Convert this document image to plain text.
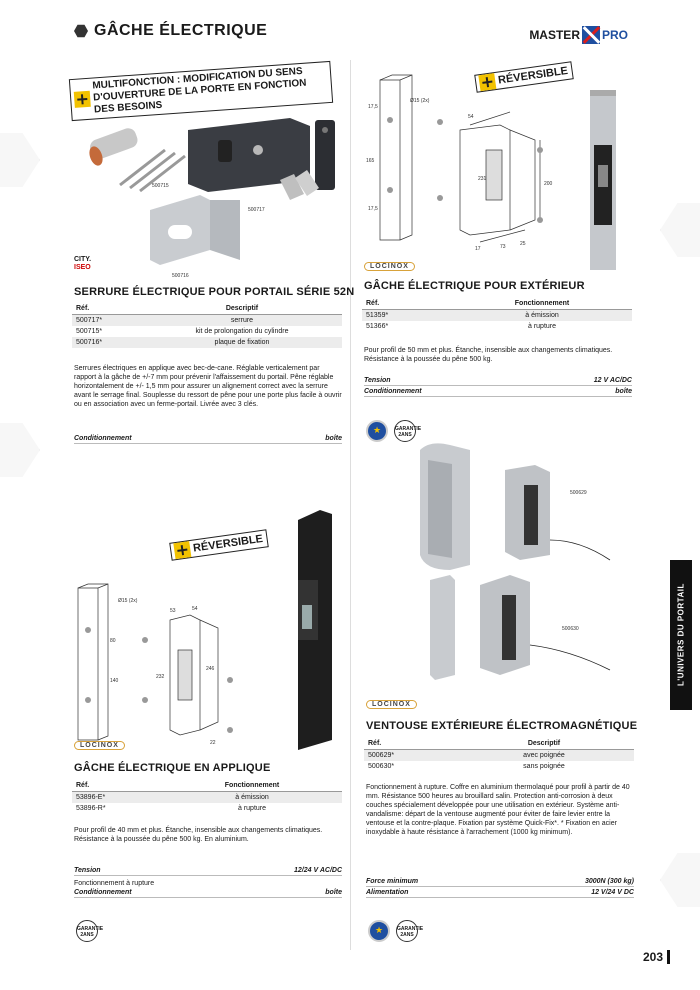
GÂCHE ÉLECTRIQUE	MASTER PRO
MULTIFONCTION : MODIFICATION DU SENS D'OUVERTURE DE LA PORTE EN FONCTION DES BESOINS
500715
500717
500716
CITY.
ISEO
SERRURE ÉLECTRIQUE POUR PORTAIL SÉRIE 52N
Réf.	Descriptif
500717*	serrure
500715*	kit de prolongation du cylindre
500716*	plaque de fixation
Serrures électriques en applique avec bec-de-cane. Réglable verticalement par rapport à la gâche de +/-7 mm pour prévenir l'affaissement du portail. Pêne réglable horizontalement de +/- 1,5 mm pour assurer un alignement correct avec la serrure avant le serrage final. Souplesse du ressort de pêne pour une porte plus facile à ouvrir ou en association avec un ferme-portail. Livrée avec 3 clés.
Conditionnement	boîte
Ø15 (2x)
17,5
165
17,5
54
231
200
17	73	25
RÉVERSIBLE
LOCINOX
GÂCHE ÉLECTRIQUE POUR EXTÉRIEUR
Réf.	Fonctionnement
51359*	à émission
51366*	à rupture
Pour profil de 50 mm et plus. Étanche, insensible aux changements climatiques. Résistance à la poussée du pêne 500 kg.
Tension	12 V AC/DC
Conditionnement	boîte
★
GARANTIE 2ANS
Ø15 (2x)
53	54
80
140
232
246
22
RÉVERSIBLE
LOCINOX
GÂCHE ÉLECTRIQUE EN APPLIQUE
Réf.	Fonctionnement
53896-E*	à émission
53896-R*	à rupture
Pour profil de 40 mm et plus. Étanche, insensible aux changements climatiques. Résistance à la poussée du pêne 500 kg. En aluminium.
Tension	12/24 V AC/DC
Fonctionnement à rupture
Conditionnement	boîte
GARANTIE 2ANS
500629
500630
LOCINOX
VENTOUSE EXTÉRIEURE ÉLECTROMAGNÉTIQUE
Réf.	Descriptif
500629*	avec poignée
500630*	sans poignée
Fonctionnement à rupture. Coffre en aluminium thermolaqué pour profil à partir de 40 mm. Résistance 500 heures au brouillard salin. Protection anti-corrosion à deux couches spécialement développée pour une utilisation en extérieur. Système anti-vandalisme: départ de la ventouse augmenté pour éviter de faire levier entre la ventouse et la contre-plaque. Fixation par système Quick-Fix*. * Fixation en acier inoxydable à haute résistance à l'arrachement (1000 kg minimum).
Force minimum	3000N (300 kg)
Alimentation	12 V/24 V DC
★
GARANTIE 2ANS
L'UNIVERS DU PORTAIL
203
